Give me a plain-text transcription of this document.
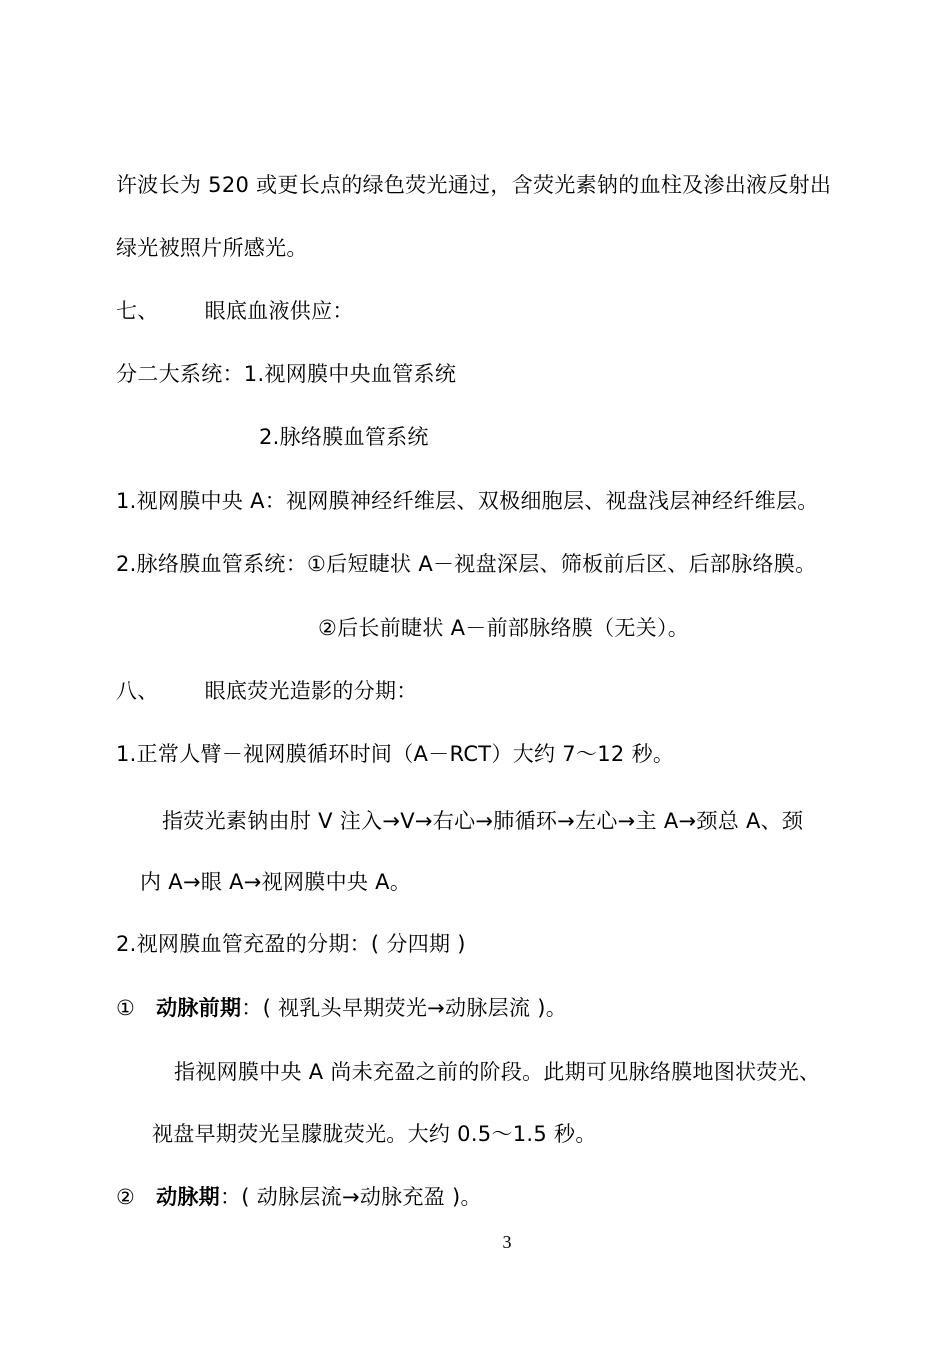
许波长为 520 或更长点的绿色荧光通过，含荧光素钠的血柱及渗出液反射出
绿光被照片所感光。
七、 眼底血液供应：
分二大系统：1.视网膜中央血管系统
2.脉络膜血管系统
1.视网膜中央 A：视网膜神经纤维层、双极细胞层、视盘浅层神经纤维层。
2.脉络膜血管系统：①后短睫状 A－视盘深层、筛板前后区、后部脉络膜。
②后长前睫状 A－前部脉络膜（无关）。
八、 眼底荧光造影的分期：
1.正常人臂－视网膜循环时间（A－RCT）大约 7～12 秒。
指荧光素钠由肘 V 注入→V→右心→肺循环→左心→主 A→颈总 A、颈
内 A→眼 A→视网膜中央 A。
2.视网膜血管充盈的分期：( 分四期 )
① 动脉前期：( 视乳头早期荧光→动脉层流 )。
指视网膜中央 A 尚未充盈之前的阶段。此期可见脉络膜地图状荧光、
视盘早期荧光呈朦胧荧光。大约 0.5～1.5 秒。
② 动脉期：( 动脉层流→动脉充盈 )。
3
